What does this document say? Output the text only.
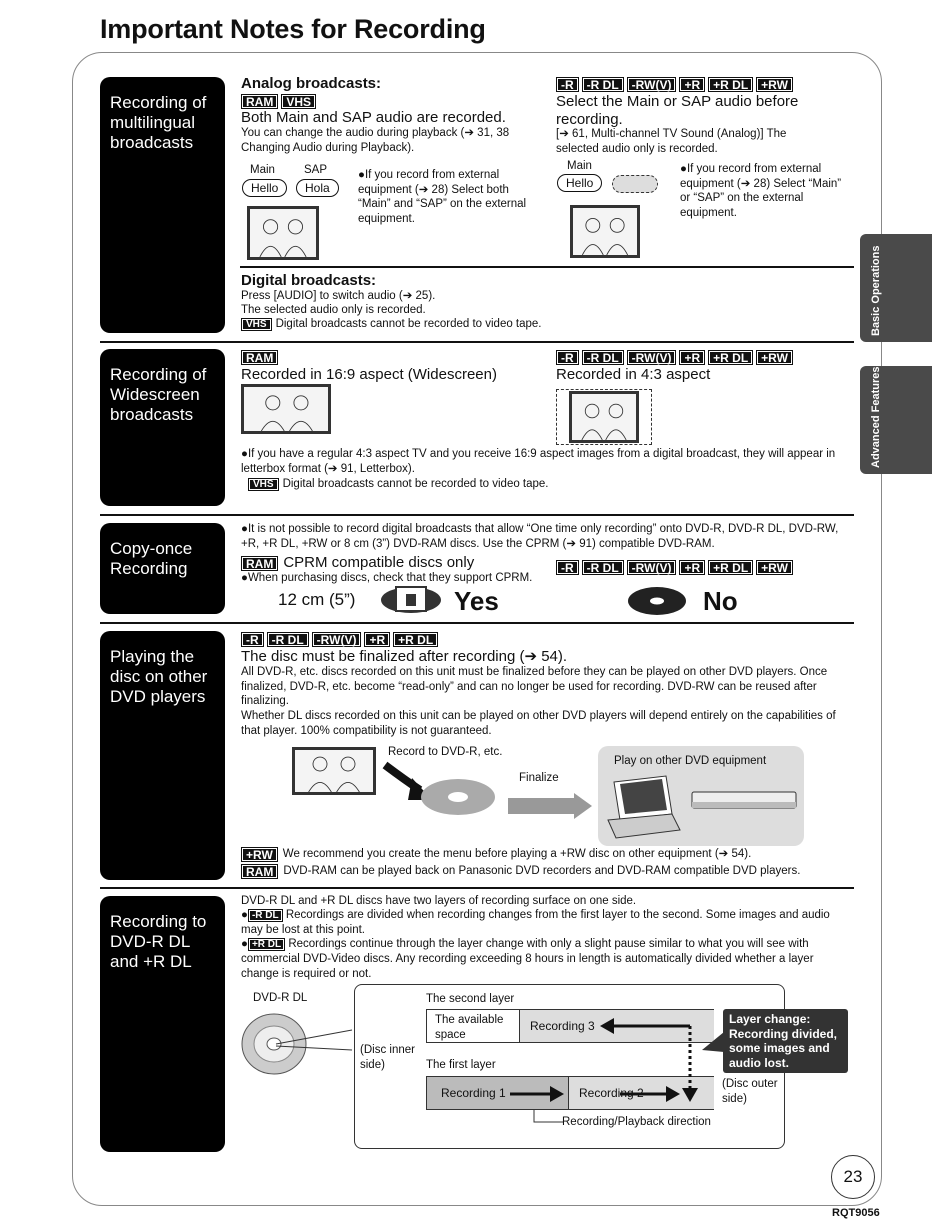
Important Notes for Recording
Basic Operations
Advanced Features
Recording of multilingual broadcasts
Analog broadcasts:
RAM	VHS
Both Main and SAP audio are recorded.
You can change the audio during playback (➔ 31, 38 Changing Audio during Playback).
Main	SAP
Hello	Hola
●If you record from external equipment (➔ 28) Select both “Main” and “SAP” on the external equipment.
-R	-R DL	-RW(V)	+R	+R DL	+RW
Select the Main or SAP audio before recording.
[➔ 61, Multi-channel TV Sound (Analog)] The selected audio only is recorded.
Main
Hello
●If you record from external equipment (➔ 28) Select “Main” or “SAP” on the external equipment.
Digital broadcasts:
Press [AUDIO] to switch audio (➔ 25).
The selected audio only is recorded.
VHS Digital broadcasts cannot be recorded to video tape.
Recording of Widescreen broadcasts
RAM
Recorded in 16:9 aspect (Widescreen)
-R	-R DL	-RW(V)	+R	+R DL	+RW
Recorded in 4:3 aspect
●If you have a regular 4:3 aspect TV and you receive 16:9 aspect images from a digital broadcast, they will appear in letterbox format (➔ 91, Letterbox).
VHS Digital broadcasts cannot be recorded to video tape.
Copy-once Recording
●It is not possible to record digital broadcasts that allow “One time only recording” onto DVD-R, DVD-R DL, DVD-RW, +R, +R DL, +RW or 8 cm (3”) DVD-RAM discs. Use the CPRM (➔ 91) compatible DVD-RAM.
RAM CPRM compatible discs only
●When purchasing discs, check that they support CPRM.
12 cm (5”)	Yes
-R	-R DL	-RW(V)	+R	+R DL	+RW
No
Playing the disc on other DVD players
-R	-R DL	-RW(V)	+R	+R DL
The disc must be finalized after recording (➔ 54).
All DVD-R, etc. discs recorded on this unit must be finalized before they can be played on other DVD players. Once finalized, DVD-R, etc. become “read-only” and can no longer be used for recording. DVD-RW can be reused after finalizing.
Whether DL discs recorded on this unit can be played on other DVD players will depend entirely on the capabilities of that player. 100% compatibility is not guaranteed.
Record to DVD-R, etc.
Finalize
Play on other DVD equipment
+RW We recommend you create the menu before playing a +RW disc on other equipment (➔ 54).
RAM DVD-RAM can be played back on Panasonic DVD recorders and DVD-RAM compatible DVD players.
Recording to DVD-R DL and +R DL
DVD-R DL and +R DL discs have two layers of recording surface on one side.
● -R DL Recordings are divided when recording changes from the first layer to the second. Some images and audio may be lost at this point.
● +R DL Recordings continue through the layer change with only a slight pause similar to what you will see with commercial DVD-Video discs. Any recording exceeding 8 hours in length is automatically divided whether a layer change is required or not.
DVD-R DL
(Disc inner side)
The second layer
The available space
Recording 3
The first layer
Recording 1	Recording 2
(Disc outer side)
Layer change: Recording divided, some images and audio lost.
Recording/Playback direction
23
RQT9056
